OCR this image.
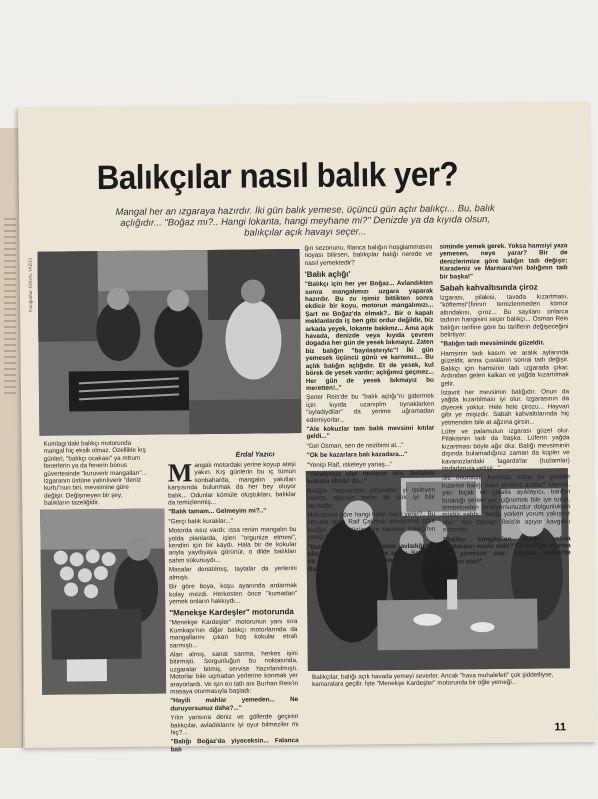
Balıkçılar nasıl balık yer?
Mangal her an ızgaraya hazırdır. İki gün balık yemese, üçüncü gün açtır balıkçı... Bu, balık açlığıdır... "Boğaz mı?.. Hangi lokanta, hangi meyhane mi?" Denizde ya da kıyıda olsun, balıkçılar açık havayı seçer...
Fotoğraflar: ERDAL YAZICI
Kumlagı'daki balıkçı motorunda mangal hiç eksik olmaz. Özellikle kış günleri, "balıkçı ocakası" ya mtrum fenerlerin ya da fenerin bonus güvertesinde "kuruverir mangalları"... Izgaranın üstüne yatırılıverir "deniz kurtu"nun biri, mevsimine göre değişir. Değişmeyen bir şey, balıkların tazeliğidir.
Erdal Yazıcı
Balıkçılar, balığı açık havada yemeyi severler. Ancak "hava muhalefeti" çok şiddetliyse, kamaralara geçilir. İşte "Menekşe Kardeşler" motorunda bir öğle yemeği...

Mangalı motordaki yerine koyup ateşi yakın. Kış günlerin bu iç tümün sonbaharda, mangalın yakıtları karşısında bulunmak da her bey oluyor balık... Odunlar kömüle oluştukları, balıklar da temizlenmiş...

"Balık tamam... Gelmeyim mi?.."

"Gerçi balık kuraklar..."

Motorda ıssız vardı; ıssa renim mangalın bu yolda planlarda, işleri "orgunize etmesi", kendini için bir kaydı. Hala bir de kokular ariyla yaydıyaya görünür, o dilde balıkları sahm sükunuydı...

Masalar donatılmış, taytalar da yerlerini almıştı.

Bir göre boya, koşu ayanında ardarmak kolay mezdi. Herkesten önce "kumadan" yemek onların hakkıydı...

"Menekşe Kardeşler" motorunda

"Menekşe Kardeşler" motorunun yanı sıra Kumkapı'nın diğer balıkçı motorlarında da mangallarını çıkan hoş kokular etrafı sarmıştı...

Alan almış, sanat sanma, herkes işini bitirmişti. Sorgunluğun bu noktasında, uzgaralar bitmiş, servise hazırlanılmıştı. Motorlar bile uçmadan yerlerine konmak yer arayorlardı. Ve işin en tatlı anı Burhan Reis'in masaya oturmasıyla başladı:

"Hayili mahlar yemeden... Ne duruyorsunuz daha?..."

Yılın yansına deniz ve göllerde geçiren balıkçılar, avladıklarını iyi oyur bilmeziler mi hiç?...

"Balığı Boğaz'da yiyeceksin... Falanca balı

ğın sezonunu, filanca balığın hoşglammasını noyası bilirsen, balıkçılar balığı nerede ve nasıl yemektedir?

'Balık açlığı'

"Balıkçı için her yer Boğaz... Avlandıkten sonra mangalımızı uzgara yaparak hazırdır. Bu zu işimiz bittikten sonra ekdicir bir koyu, motorun mangalımızı... Şart mı Boğaz'da olmak?.. Bir o kapalı meklanlarda iş ben gibi ordur değildir, biz arkada yeyek, lokante bakkmz... Ama açık havada, denizde veya kıyıda çevrem dogadıa her gün de yesek bıkmayız. Zaten biz balığın "bayılaştırıylc"! İki gün yemesek üçüncü günü ve karnımız... Bu açlık balığın açlığıdır. Et de yesek, kul börek de yesek vardır; açlığımız geçmez... Her gün de yesek bıkmayız bu meretten!.."

Şener Reis'de bu "balık açlığı"nı gidermek için kıyıda uzanıplm tıynaklarken "oyladiydilar" da yerime uğramadan edemiyorlar...

"Ale kokuzlar tam balık mevsimi kıtılar geldi..."

"Gel Osman, sen de nezibimi al..."

"Ok be kazarlara balı kazadara..."

"Yenişi Raif, ıskeleye yanaş..."

"Yanaşmaz olur musyun reis, burasını kokusu ahiraz da..."

Balığın "hayvandan üstyeden" yi işsleyen balıkçı, oğunun tadını da çok iyi bilir herhalde.

Mevsimine göre hangi balık, nasıl yenir?.. Bu konuda tayfa Raif Çakmak mevsimine göre balığın en iyi tüzünü ve tanesini balıkçının yediği belirtiyor.

"Balığın en iyi türden balık avladığında bile yemek için kendisine ayırır. Satayım da daha fazla para kazanayım" demez. Balığı kendi mev-

siminde yemek gerek. Yoksa hamsiyi yaza yemesen, neye yarar? Bir de denizlerimize göre balığın tadı değişir; Karadeniz ve Marmara'nın balığının tadı bir başka!"

Sabah kahvaltısında çiroz

Izgarası, pilakisi, tavada kızartması, "köftemsi"(firinın temizlenmeden kömür altındakısı, çiroz... Bu sayılanı onlarca tadının hangisini seçer balıkçı... Osman Reis balığın tarifine göre bu tariflerin değişeceğini belirtiyor:

"Balığın tadı mevsiminde güzeldir.

Hamsinin tadı kasım ve aralık aylarında güzeldir, anna çuvaların sonrai tadı değişir. Balıkçı için hamsinin tadı ızgarada çıkar. Ardından gelen kalkan ve yağda kızartılmak gelir.

İstavrit her mevsimin balığıdır. Onun da yağda kızartılması iyi olur. Izgarasının da diyecek yoktur. Hele hele çirozu... Hayvan gibi ye mişizdir. Sabah kahvaltılarında hiç yetmendim bile at ağzına girsin...

Lüfer ve palamutun ızgarası güzel olur. Pilakisinin tadı da başka. Lüferin yağda kızartması böyle ağır olur. Balığı mevsiminin dışında bulamadığınız zaman da küpler ve kavanozlardaki 'lagarda'lar (tuzlamlar) imdadımıza yetişir..."

Siz önümüze konmuş, kafalı bir şekilde kızarsın balığı nasıl yersiniz acaba? Üşenip, yarı bıçak ve çatalla ayıklayıcı, balığın bıraktığı yerleri yer, çiğnemek bile iye tutup, tembelceden şıralıyorsunuzdur dolgunluktan müdür sahbı, "balığı yorken yorum yakışırız olur." İşte Osman Reis'in aşıyor kavgaklı ırizmeler:

"Balıkçı tamgeçilen müdir yoksa bodlakdan müdir mılir? Elli balığın oturma yer, yirmisini atar; büyece kedilerde haçrım olur!"

11
